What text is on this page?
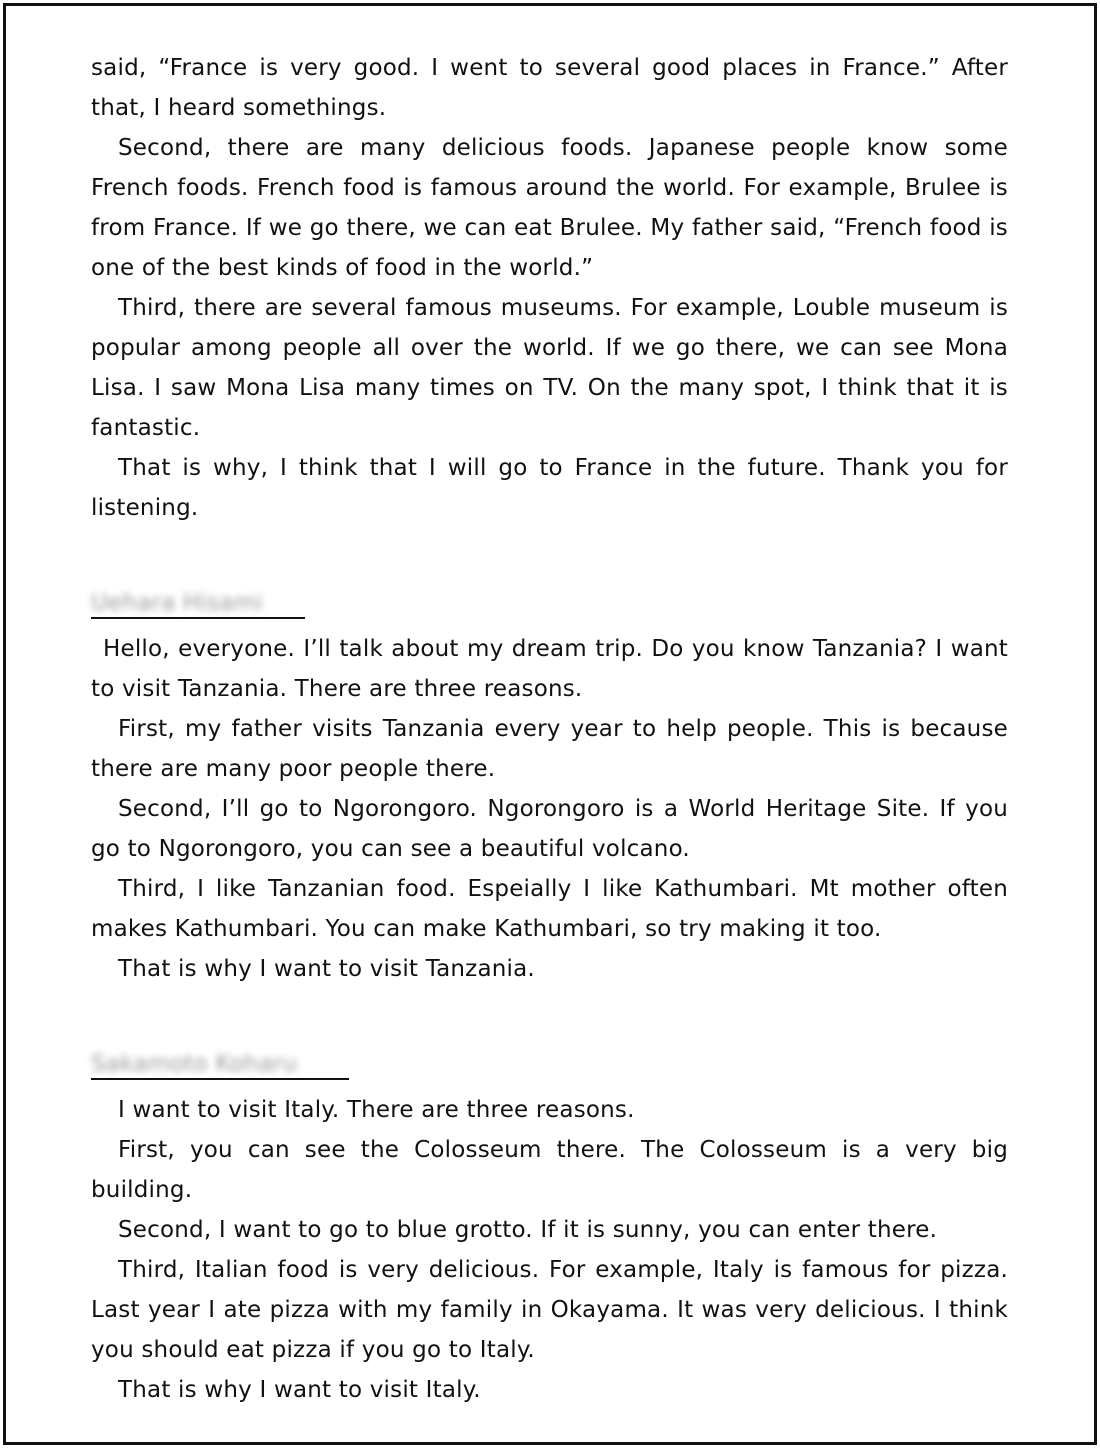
said, “France is very good. I went to several good places in France.” After that, I heard somethings.

Second, there are many delicious foods. Japanese people know some French foods. French food is famous around the world. For example, Brulee is from France. If we go there, we can eat Brulee. My father said, “French food is one of the best kinds of food in the world.”

Third, there are several famous museums. For example, Louble museum is popular among people all over the world. If we go there, we can see Mona Lisa. I saw Mona Lisa many times on TV. On the many spot, I think that it is fantastic.

That is why, I think that I will go to France in the future. Thank you for listening.

Uehara Hisami

Hello, everyone. I’ll talk about my dream trip. Do you know Tanzania? I want to visit Tanzania. There are three reasons.

First, my father visits Tanzania every year to help people. This is because there are many poor people there.

Second, I’ll go to Ngorongoro. Ngorongoro is a World Heritage Site. If you go to Ngorongoro, you can see a beautiful volcano.

Third, I like Tanzanian food. Espeially I like Kathumbari. Mt mother often makes Kathumbari. You can make Kathumbari, so try making it too.

That is why I want to visit Tanzania.

Sakamoto Koharu

I want to visit Italy. There are three reasons.

First, you can see the Colosseum there. The Colosseum is a very big building.

Second, I want to go to blue grotto. If it is sunny, you can enter there.

Third, Italian food is very delicious. For example, Italy is famous for pizza. Last year I ate pizza with my family in Okayama. It was very delicious. I think you should eat pizza if you go to Italy.

That is why I want to visit Italy.
